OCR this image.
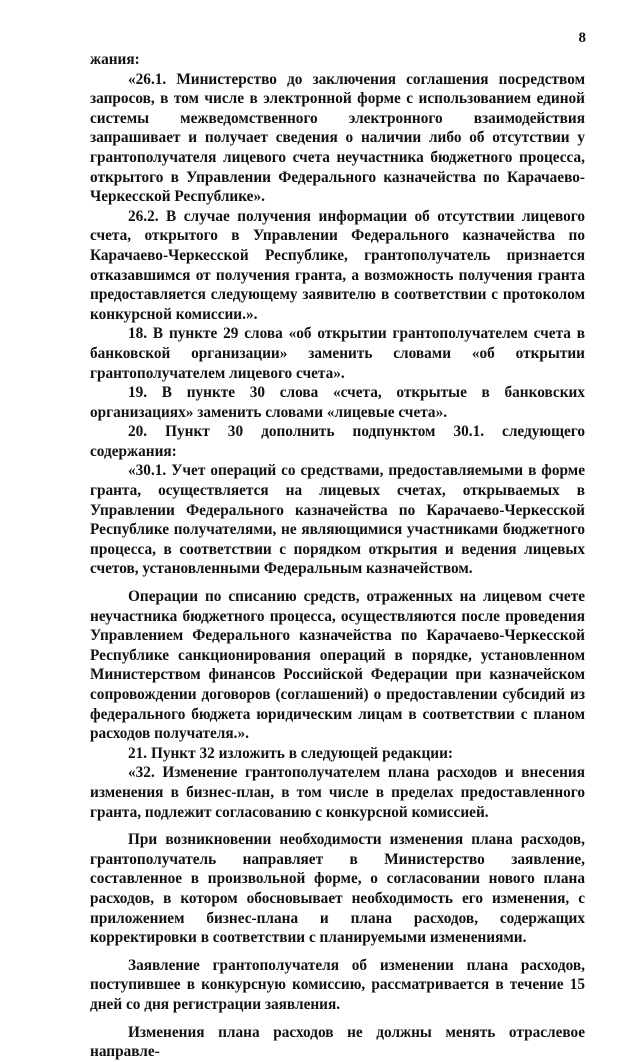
8

жания:

«26.1. Министерство до заключения соглашения посредством запросов, в том числе в электронной форме с использованием единой системы межведомственного электронного взаимодействия запрашивает и получает сведения о наличии либо об отсутствии у грантополучателя лицевого счета неучастника бюджетного процесса, открытого в Управлении Федерального казначейства по Карачаево-Черкесской Республике».

26.2. В случае получения информации об отсутствии лицевого счета, открытого в Управлении Федерального казначейства по Карачаево-Черкесской Республике, грантополучатель признается отказавшимся от получения гранта, а возможность получения гранта предоставляется следующему заявителю в соответствии с протоколом конкурсной комиссии.».

18. В пункте 29 слова «об открытии грантополучателем счета в банковской организации» заменить словами «об открытии грантополучателем лицевого счета».

19. В пункте 30 слова «счета, открытые в банковских организациях» заменить словами «лицевые счета».

20. Пункт 30 дополнить подпунктом 30.1. следующего содержания:

«30.1. Учет операций со средствами, предоставляемыми в форме гранта, осуществляется на лицевых счетах, открываемых в Управлении Федерального казначейства по Карачаево-Черкесской Республике получателями, не являющимися участниками бюджетного процесса, в соответствии с порядком открытия и ведения лицевых счетов, установленными Федеральным казначейством.

Операции по списанию средств, отраженных на лицевом счете неучастника бюджетного процесса, осуществляются после проведения Управлением Федерального казначейства по Карачаево-Черкесской Республике санкционирования операций в порядке, установленном Министерством финансов Российской Федерации при казначейском сопровождении договоров (соглашений) о предоставлении субсидий из федерального бюджета юридическим лицам в соответствии с планом расходов получателя.».

21. Пункт 32 изложить в следующей редакции:

«32. Изменение грантополучателем плана расходов и внесения изменения в бизнес-план, в том числе в пределах предоставленного гранта, подлежит согласованию с конкурсной комиссией.

При возникновении необходимости изменения плана расходов, грантополучатель направляет в Министерство заявление, составленное в произвольной форме, о согласовании нового плана расходов, в котором обосновывает необходимость его изменения, с приложением бизнес-плана и плана расходов, содержащих корректировки в соответствии с планируемыми изменениями.

Заявление грантополучателя об изменении плана расходов, поступившее в конкурсную комиссию, рассматривается в течение 15 дней со дня регистрации заявления.

Изменения плана расходов не должны менять отраслевое направле-
